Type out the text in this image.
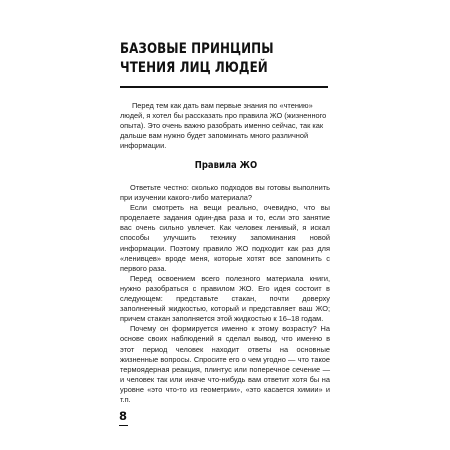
БАЗОВЫЕ ПРИНЦИПЫ
ЧТЕНИЯ ЛИЦ ЛЮДЕЙ

Перед тем как дать вам первые знания по «чтению» людей, я хотел бы рассказать про правила ЖО (жизненного опыта). Это очень важно разобрать именно сейчас, так как дальше вам нужно будет запоминать много различной информации.

Правила ЖО

Ответьте честно: сколько подходов вы готовы выполнить при изучении какого-либо материала?

Если смотреть на вещи реально, очевидно, что вы проделаете задания один-два раза и то, если это занятие вас очень сильно увлечет. Как человек ленивый, я искал способы улучшить технику запоминания новой информации. Поэтому правило ЖО подходит как раз для «ленивцев» вроде меня, которые хотят все запомнить с первого раза.

Перед освоением всего полезного материала книги, нужно разобраться с правилом ЖО. Его идея состоит в следующем: представьте стакан, почти доверху заполненный жидкостью, который и представляет ваш ЖО; причем стакан заполняется этой жидкостью к 16–18 годам.

Почему он формируется именно к этому возрасту? На основе своих наблюдений я сделал вывод, что именно в этот период человек находит ответы на основные жизненные вопросы. Спросите его о чем угодно — что такое термоядерная реакция, плинтус или поперечное сечение — и человек так или иначе что-нибудь вам ответит хотя бы на уровне «это что-то из геометрии», «это касается химии» и т.п.

8
